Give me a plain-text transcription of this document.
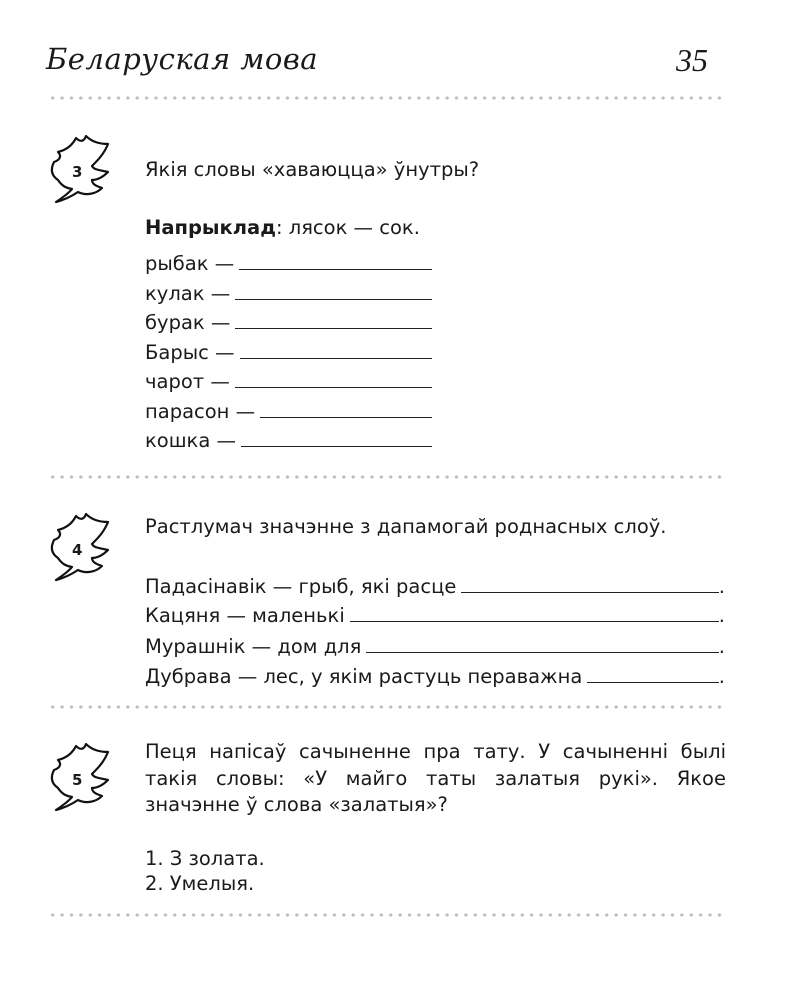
Беларуская мова	35
3	Якія словы «хаваюцца» ўнутры?
Напрыклад: лясок — сок.
рыбак —
кулак —
бурак —
Барыс —
чарот —
парасон —
кошка —
4
Растлумач значэнне з дапамогай роднасных слоў.
Падасінавік — грыб, які расце	.
Кацяня — маленькі	.
Мурашнік — дом для	.
Дубрава — лес, у якім растуць пераважна	.
5
Пеця напісаў сачыненне пра тату. У сачыненні былі такія словы: «У майго таты залатыя рукі». Якое значэнне ў слова «залатыя»?
1. З золата.
2. Умелыя.
